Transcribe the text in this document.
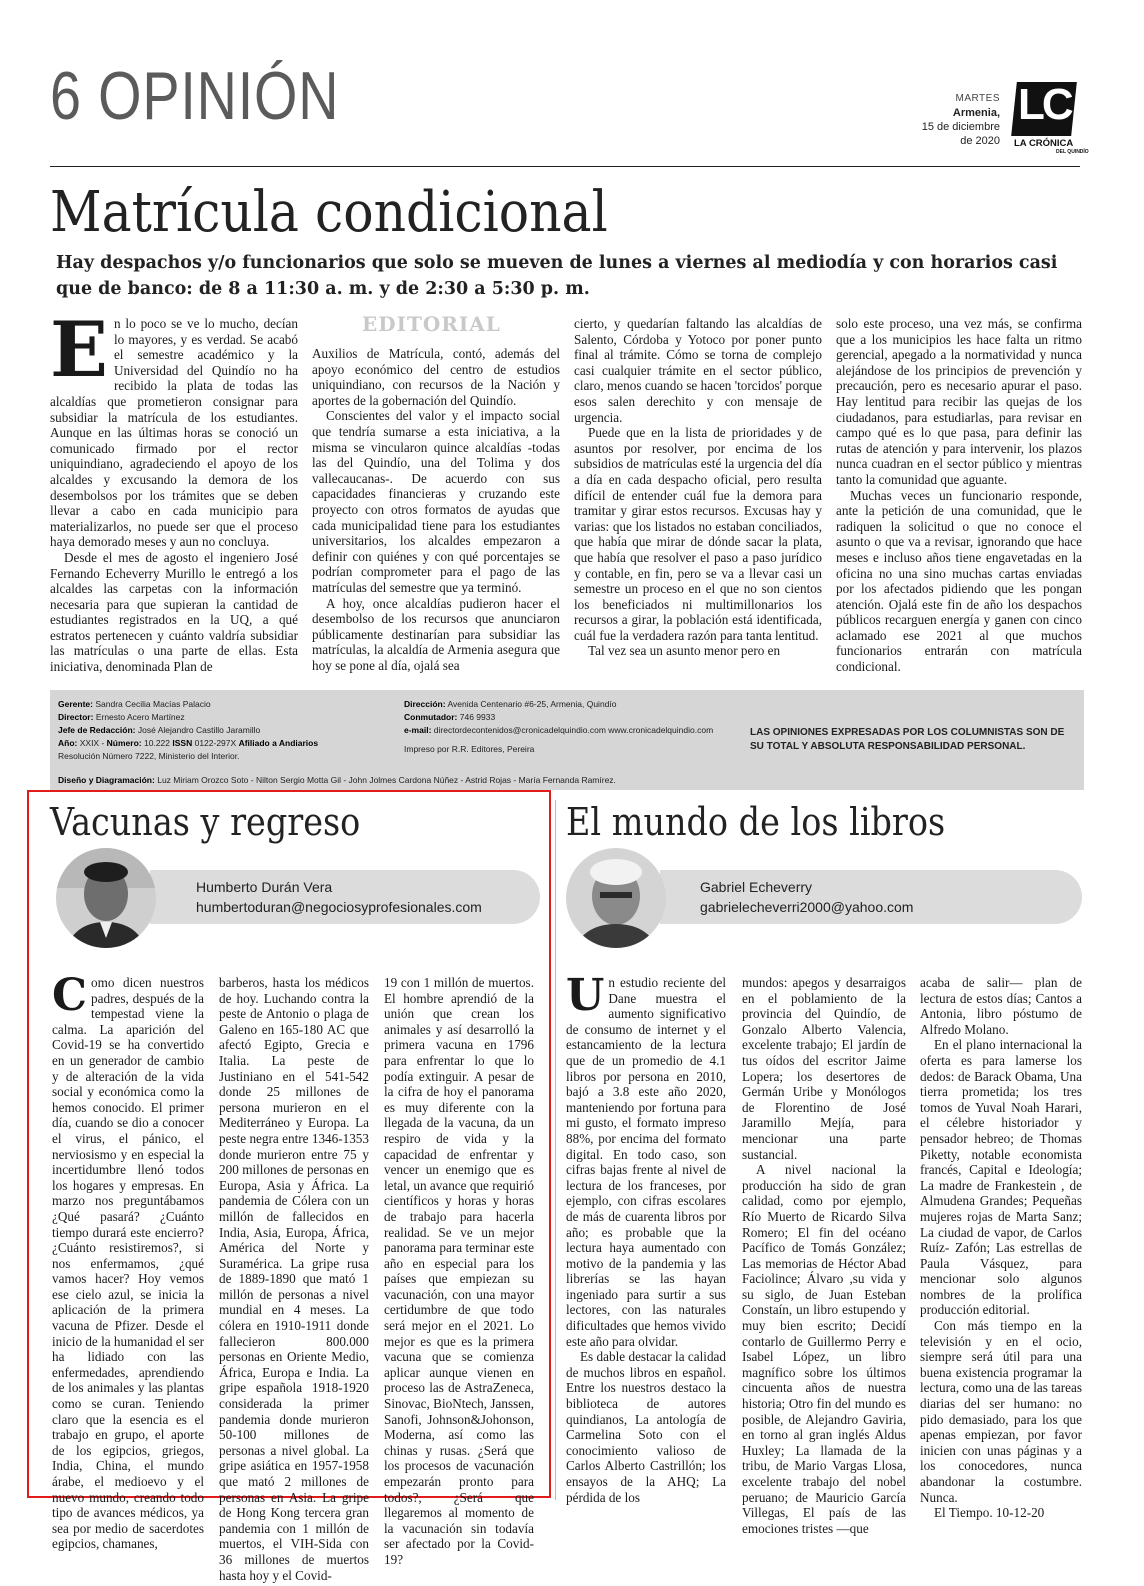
6 OPINIÓN	MARTES
Armenia,
15 de diciembre
de 2020
LC
LA CRÓNICA
DEL QUINDÍO
Matrícula condicional
Hay despachos y/o funcionarios que solo se mueven de lunes a viernes al mediodía y con horarios casi que de banco: de 8 a 11:30 a. m. y de 2:30 a 5:30 p. m.
EDITORIAL

En lo poco se ve lo mucho, decían lo mayores, y es verdad. Se acabó el semestre académico y la Universidad del Quindío no ha recibido la plata de todas las alcaldías que prometieron consignar para subsidiar la matrícula de los estudiantes. Aunque en las últimas horas se conoció un comunicado firmado por el rector uniquindiano, agradeciendo el apoyo de los alcaldes y excusando la demora de los desembolsos por los trámites que se deben llevar a cabo en cada municipio para materializarlos, no puede ser que el proceso haya demorado meses y aun no concluya.

Desde el mes de agosto el ingeniero José Fernando Echeverry Murillo le entregó a los alcaldes las carpetas con la información necesaria para que supieran la cantidad de estudiantes registrados en la UQ, a qué estratos pertenecen y cuánto valdría subsidiar las matrículas o una parte de ellas. Esta iniciativa, denominada Plan de

Auxilios de Matrícula, contó, además del apoyo económico del centro de estudios uniquindiano, con recursos de la Nación y aportes de la gobernación del Quindío.

Conscientes del valor y el impacto social que tendría sumarse a esta iniciativa, a la misma se vincularon quince alcaldías -todas las del Quindío, una del Tolima y dos vallecaucanas-. De acuerdo con sus capacidades financieras y cruzando este proyecto con otros formatos de ayudas que cada municipalidad tiene para los estudiantes universitarios, los alcaldes empezaron a definir con quiénes y con qué porcentajes se podrían comprometer para el pago de las matrículas del semestre que ya terminó.

A hoy, once alcaldías pudieron hacer el desembolso de los recursos que anunciaron públicamente destinarían para subsidiar las matrículas, la alcaldía de Armenia asegura que hoy se pone al día, ojalá sea

cierto, y quedarían faltando las alcaldías de Salento, Córdoba y Yotoco por poner punto final al trámite. Cómo se torna de complejo casi cualquier trámite en el sector público, claro, menos cuando se hacen 'torcidos' porque esos salen derechito y con mensaje de urgencia.

Puede que en la lista de prioridades y de asuntos por resolver, por encima de los subsidios de matrículas esté la urgencia del día a día en cada despacho oficial, pero resulta difícil de entender cuál fue la demora para tramitar y girar estos recursos. Excusas hay y varias: que los listados no estaban conciliados, que había que mirar de dónde sacar la plata, que había que resolver el paso a paso jurídico y contable, en fin, pero se va a llevar casi un semestre un proceso en el que no son cientos los beneficiados ni multimillonarios los recursos a girar, la población está identificada, cuál fue la verdadera razón para tanta lentitud.

Tal vez sea un asunto menor pero en

solo este proceso, una vez más, se confirma que a los municipios les hace falta un ritmo gerencial, apegado a la normatividad y nunca alejándose de los principios de prevención y precaución, pero es necesario apurar el paso. Hay lentitud para recibir las quejas de los ciudadanos, para estudiarlas, para revisar en campo qué es lo que pasa, para definir las rutas de atención y para intervenir, los plazos nunca cuadran en el sector público y mientras tanto la comunidad que aguante.

Muchas veces un funcionario responde, ante la petición de una comunidad, que le radiquen la solicitud o que no conoce el asunto o que va a revisar, ignorando que hace meses e incluso años tiene engavetadas en la oficina no una sino muchas cartas enviadas por los afectados pidiendo que les pongan atención. Ojalá este fin de año los despachos públicos recarguen energía y ganen con cinco aclamado ese 2021 al que muchos funcionarios entrarán con matrícula condicional.

Gerente: Sandra Cecilia Macías Palacio
Director: Ernesto Acero Martínez
Jefe de Redacción: José Alejandro Castillo Jaramillo
Año: XXIX - Número: 10.222 ISSN 0122-297X Afiliado a Andiarios
Resolución Número 7222, Ministerio del Interior.
Dirección: Avenida Centenario #6-25, Armenia, Quindío
Conmutador: 746 9933
e-mail: directordecontenidos@cronicadelquindio.com www.cronicadelquindio.com
Impreso por R.R. Editores, Pereira
LAS OPINIONES EXPRESADAS POR LOS COLUMNISTAS SON DE SU TOTAL Y ABSOLUTA RESPONSABILIDAD PERSONAL.
Diseño y Diagramación: Luz Miriam Orozco Soto - Nilton Sergio Motta Gil - John Jolmes Cardona Núñez - Astrid Rojas - María Fernanda Ramírez.
Vacunas y regreso
Humberto Durán Vera
humbertoduran@negociosyprofesionales.com

Como dicen nuestros padres, después de la tempestad viene la calma. La aparición del Covid-19 se ha convertido en un generador de cambio y de alteración de la vida social y económica como la hemos conocido. El primer día, cuando se dio a conocer el virus, el pánico, el nerviosismo y en especial la incertidumbre llenó todos los hogares y empresas. En marzo nos preguntábamos ¿Qué pasará? ¿Cuánto tiempo durará este encierro? ¿Cuánto resistiremos?, si nos enfermamos, ¿qué vamos hacer? Hoy vemos ese cielo azul, se inicia la aplicación de la primera vacuna de Pfizer. Desde el inicio de la humanidad el ser ha lidiado con las enfermedades, aprendiendo de los animales y las plantas como se curan. Teniendo claro que la esencia es el trabajo en grupo, el aporte de los egipcios, griegos, India, China, el mundo árabe, el medioevo y el nuevo mundo, creando todo tipo de avances médicos, ya sea por medio de sacerdotes egipcios, chamanes,

barberos, hasta los médicos de hoy. Luchando contra la peste de Antonio o plaga de Galeno en 165-180 AC que afectó Egipto, Grecia e Italia. La peste de Justiniano en el 541-542 donde 25 millones de persona murieron en el Mediterráneo y Europa. La peste negra entre 1346-1353 donde murieron entre 75 y 200 millones de personas en Europa, Asia y África. La pandemia de Cólera con un millón de fallecidos en India, Asia, Europa, África, América del Norte y Suramérica. La gripe rusa de 1889-1890 que mató 1 millón de personas a nivel mundial en 4 meses. La cólera en 1910-1911 donde fallecieron 800.000 personas en Oriente Medio, África, Europa e India. La gripe española 1918-1920 considerada la primer pandemia donde murieron 50-100 millones de personas a nivel global. La gripe asiática en 1957-1958 que mató 2 millones de personas en Asia. La gripe de Hong Kong tercera gran pandemia con 1 millón de muertos, el VIH-Sida con 36 millones de muertos hasta hoy y el Covid-

19 con 1 millón de muertos. El hombre aprendió de la unión que crean los animales y así desarrolló la primera vacuna en 1796 para enfrentar lo que lo podía extinguir. A pesar de la cifra de hoy el panorama es muy diferente con la llegada de la vacuna, da un respiro de vida y la capacidad de enfrentar y vencer un enemigo que es letal, un avance que requirió científicos y horas y horas de trabajo para hacerla realidad. Se ve un mejor panorama para terminar este año en especial para los países que empiezan su vacunación, con una mayor certidumbre de que todo será mejor en el 2021. Lo mejor es que es la primera vacuna que se comienza aplicar aunque vienen en proceso las de AstraZeneca, Sinovac, BioNtech, Janssen, Sanofi, Johnson&Johonson, Moderna, así como las chinas y rusas. ¿Será que los procesos de vacunación empezarán pronto para todos?, ¿Será que llegaremos al momento de la vacunación sin todavía ser afectado por la Covid-19?

El mundo de los libros
Gabriel Echeverry
gabrielecheverri2000@yahoo.com

Un estudio reciente del Dane muestra el aumento significativo de consumo de internet y el estancamiento de la lectura que de un promedio de 4.1 libros por persona en 2010, bajó a 3.8 este año 2020, manteniendo por fortuna para mi gusto, el formato impreso 88%, por encima del formato digital. En todo caso, son cifras bajas frente al nivel de lectura de los franceses, por ejemplo, con cifras escolares de más de cuarenta libros por año; es probable que la lectura haya aumentado con motivo de la pandemia y las librerías se las hayan ingeniado para surtir a sus lectores, con las naturales dificultades que hemos vivido este año para olvidar.

Es dable destacar la calidad de muchos libros en español. Entre los nuestros destaco la biblioteca de autores quindianos, La antología de Carmelina Soto con el conocimiento valioso de Carlos Alberto Castrillón; los ensayos de la AHQ; La pérdida de los

mundos: apegos y desarraigos en el poblamiento de la provincia del Quindío, de Gonzalo Alberto Valencia, excelente trabajo; El jardín de tus oídos del escritor Jaime Lopera; los desertores de Germán Uribe y Monólogos de Florentino de José Jaramillo Mejía, para mencionar una parte sustancial.

A nivel nacional la producción ha sido de gran calidad, como por ejemplo, Río Muerto de Ricardo Silva Romero; El fin del océano Pacífico de Tomás González; Las memorias de Héctor Abad Faciolince; Álvaro ,su vida y su siglo, de Juan Esteban Constaín, un libro estupendo y muy bien escrito; Decidí contarlo de Guillermo Perry e Isabel López, un libro magnífico sobre los últimos cincuenta años de nuestra historia; Otro fin del mundo es posible, de Alejandro Gaviria, en torno al gran inglés Aldus Huxley; La llamada de la tribu, de Mario Vargas Llosa, excelente trabajo del nobel peruano; de Mauricio García Villegas, El país de las emociones tristes —que

acaba de salir— plan de lectura de estos días; Cantos a Antonia, libro póstumo de Alfredo Molano.

En el plano internacional la oferta es para lamerse los dedos: de Barack Obama, Una tierra prometida; los tres tomos de Yuval Noah Harari, el célebre historiador y pensador hebreo; de Thomas Piketty, notable economista francés, Capital e Ideología; La madre de Frankestein , de Almudena Grandes; Pequeñas mujeres rojas de Marta Sanz; La ciudad de vapor, de Carlos Ruíz- Zafón; Las estrellas de Paula Vásquez, para mencionar solo algunos nombres de la prolífica producción editorial.

Con más tiempo en la televisión y en el ocio, siempre será útil para una buena existencia programar la lectura, como una de las tareas diarias del ser humano: no pido demasiado, para los que apenas empiezan, por favor inicien con unas páginas y a los conocedores, nunca abandonar la costumbre. Nunca.

El Tiempo. 10-12-20
